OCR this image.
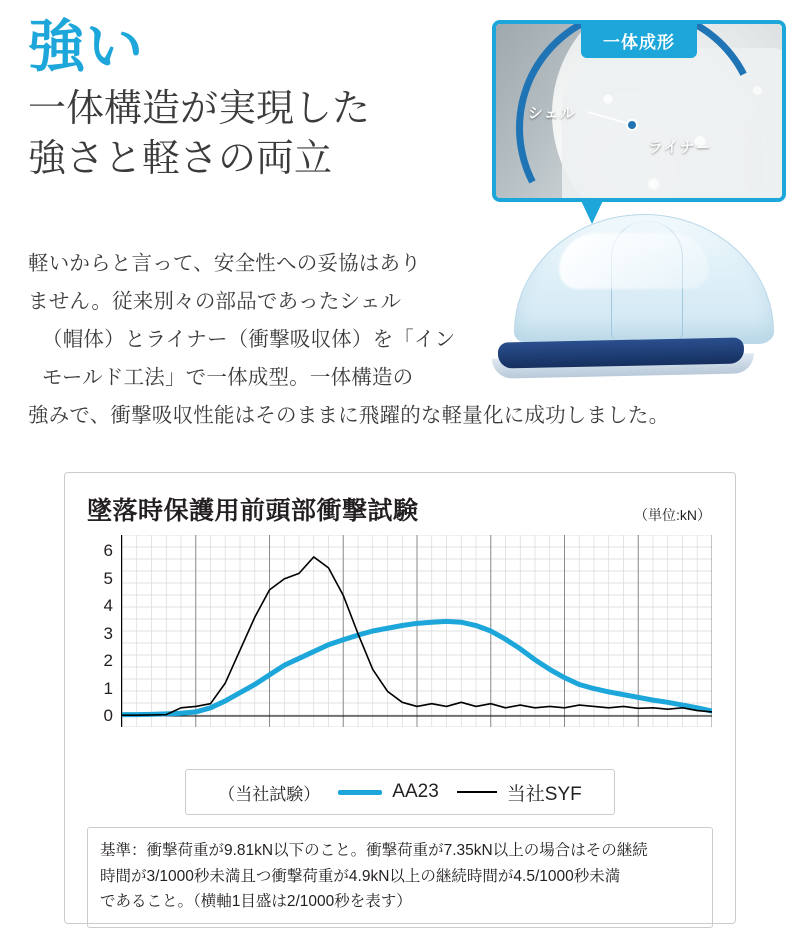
強い
一体構造が実現した
強さと軽さの両立
軽いからと言って、安全性への妥協はあり
ません。従来別々の部品であったシェル
（帽体）とライナー（衝撃吸収体）を「イン
モールド工法」で一体成型。一体構造の
強みで、衝撃吸収性能はそのままに飛躍的な軽量化に成功しました。
シェル
ライナー
一体成形
墜落時保護用前頭部衝撃試験	（単位:kN）
6
5
4
3
2
1
0
（当社試験）	AA23	当社SYF
基準：衝撃荷重が9.81kN以下のこと。衝撃荷重が7.35kN以上の場合はその継続
時間が3/1000秒未満且つ衝撃荷重が4.9kN以上の継続時間が4.5/1000秒未満
であること。（横軸1目盛は2/1000秒を表す）
